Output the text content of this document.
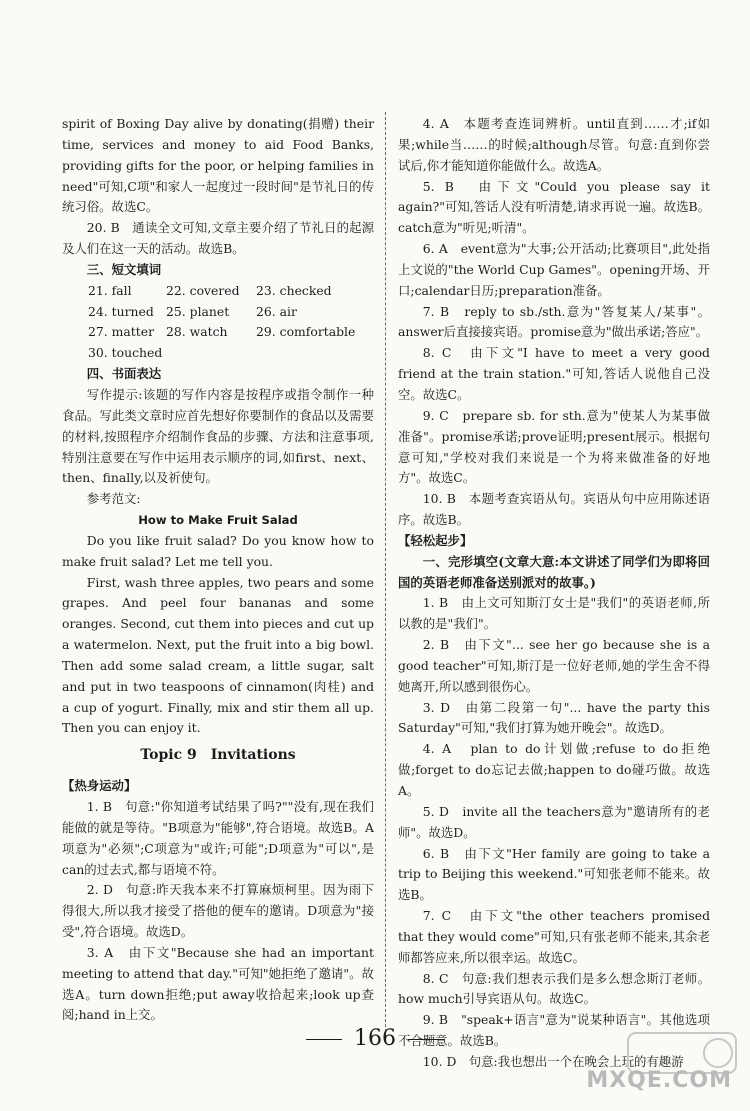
spirit of Boxing Day alive by donating(捐赠) their time, services and money to aid Food Banks, providing gifts for the poor, or helping families in need"可知,C项"和家人一起度过一段时间"是节礼日的传统习俗。故选C。

20. B　通读全文可知,文章主要介绍了节礼日的起源及人们在这一天的活动。故选B。

三、短文填词

21. fall	22. covered	23. checked

24. turned 25. planet	26. air

27. matter 28. watch	29. comfortable

30. touched

四、书面表达

写作提示:该题的写作内容是按程序或指令制作一种食品。写此类文章时应首先想好你要制作的食品以及需要的材料,按照程序介绍制作食品的步骤、方法和注意事项,特别注意要在写作中运用表示顺序的词,如first、next、then、finally,以及祈使句。

参考范文:

How to Make Fruit Salad

Do you like fruit salad? Do you know how to make fruit salad? Let me tell you.

First, wash three apples, two pears and some grapes. And peel four bananas and some oranges. Second, cut them into pieces and cut up a watermelon. Next, put the fruit into a big bowl. Then add some salad cream, a little sugar, salt and put in two teaspoons of cinnamon(肉桂) and a cup of yogurt. Finally, mix and stir them all up. Then you can enjoy it.

Topic 9　Invitations

【热身运动】

1. B　句意:"你知道考试结果了吗?""没有,现在我们能做的就是等待。"B项意为"能够",符合语境。故选B。A项意为"必须";C项意为"或许;可能";D项意为"可以",是can的过去式,都与语境不符。

2. D　句意:昨天我本来不打算麻烦柯里。因为雨下得很大,所以我才接受了搭他的便车的邀请。D项意为"接受",符合语境。故选D。

3. A　由下文"Because she had an important meeting to attend that day."可知"她拒绝了邀请"。故选A。turn down拒绝;put away收拾起来;look up查阅;hand in上交。

4. A　本题考查连词辨析。until直到……才;if如果;while当……的时候;although尽管。句意:直到你尝试后,你才能知道你能做什么。故选A。

5. B　由下文"Could you please say it again?"可知,答话人没有听清楚,请求再说一遍。故选B。catch意为"听见;听清"。

6. A　event意为"大事;公开活动;比赛项目",此处指上文说的"the World Cup Games"。opening开场、开口;calendar日历;preparation准备。

7. B　reply to sb./sth.意为"答复某人/某事"。answer后直接接宾语。promise意为"做出承诺;答应"。

8. C　由下文"I have to meet a very good friend at the train station."可知,答话人说他自己没空。故选C。

9. C　prepare sb. for sth.意为"使某人为某事做准备"。promise承诺;prove证明;present展示。根据句意可知,"学校对我们来说是一个为将来做准备的好地方"。故选C。

10. B　本题考查宾语从句。宾语从句中应用陈述语序。故选B。

【轻松起步】

一、完形填空(文章大意:本文讲述了同学们为即将回国的英语老师准备送别派对的故事。)

1. B　由上文可知斯汀女士是"我们"的英语老师,所以教的是"我们"。

2. B　由下文"... see her go because she is a good teacher"可知,斯汀是一位好老师,她的学生舍不得她离开,所以感到很伤心。

3. D　由第二段第一句"... have the party this Saturday"可知,"我们打算为她开晚会"。故选D。

4. A　plan to do计划做;refuse to do拒绝做;forget to do忘记去做;happen to do碰巧做。故选A。

5. D　invite all the teachers意为"邀请所有的老师"。故选D。

6. B　由下文"Her family are going to take a trip to Beijing this weekend."可知张老师不能来。故选B。

7. C　由下文"the other teachers promised that they would come"可知,只有张老师不能来,其余老师都答应来,所以很幸运。故选C。

8. C　句意:我们想表示我们是多么想念斯汀老师。how much引导宾语从句。故选C。

9. B　"speak+语言"意为"说某种语言"。其他选项不合题意。故选B。

10. D　句意:我也想出一个在晚会上玩的有趣游

166
MXQE.COM
